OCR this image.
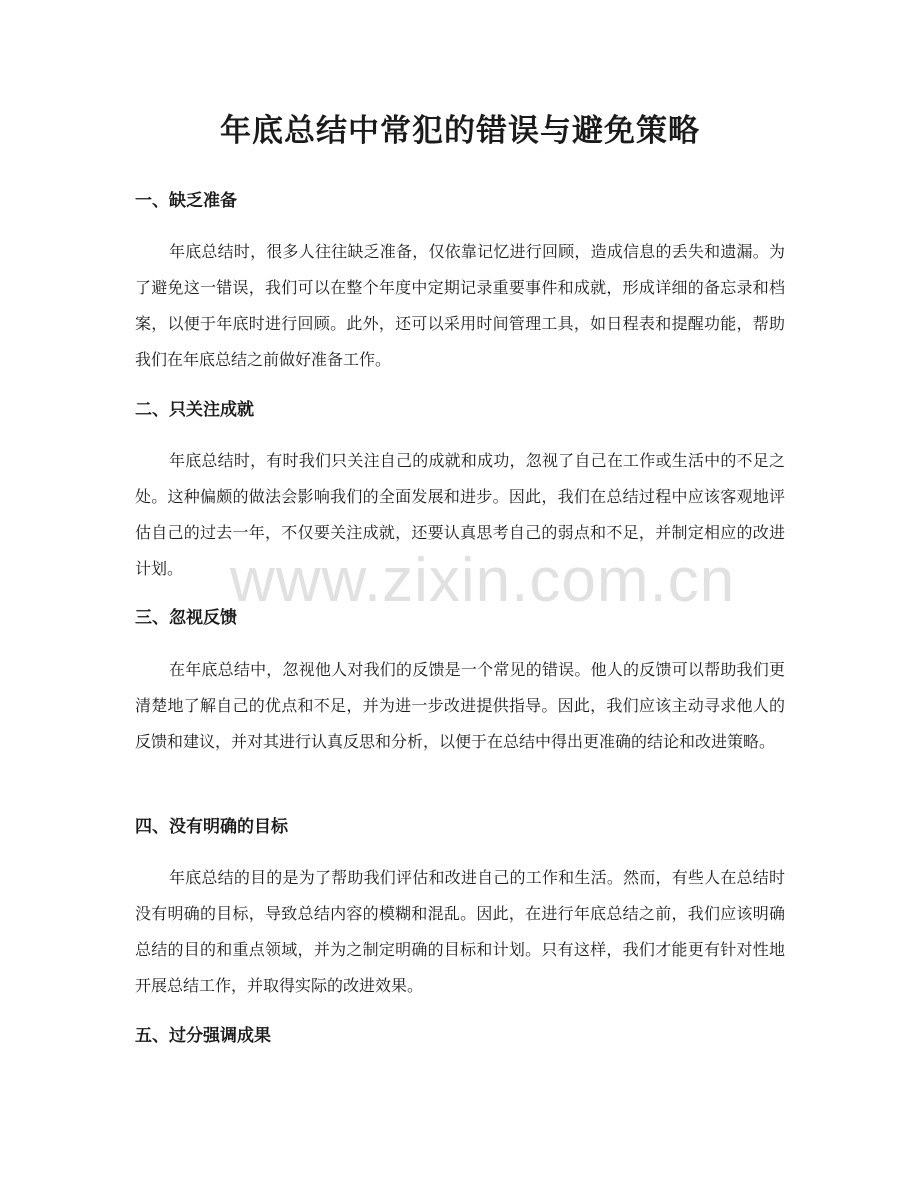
年底总结中常犯的错误与避免策略
一、缺乏准备

年底总结时，很多人往往缺乏准备，仅依靠记忆进行回顾，造成信息的丢失和遗漏。为了避免这一错误，我们可以在整个年度中定期记录重要事件和成就，形成详细的备忘录和档案，以便于年底时进行回顾。此外，还可以采用时间管理工具，如日程表和提醒功能，帮助我们在年底总结之前做好准备工作。

二、只关注成就

年底总结时，有时我们只关注自己的成就和成功，忽视了自己在工作或生活中的不足之处。这种偏颇的做法会影响我们的全面发展和进步。因此，我们在总结过程中应该客观地评估自己的过去一年，不仅要关注成就，还要认真思考自己的弱点和不足，并制定相应的改进计划。

三、忽视反馈

在年底总结中，忽视他人对我们的反馈是一个常见的错误。他人的反馈可以帮助我们更清楚地了解自己的优点和不足，并为进一步改进提供指导。因此，我们应该主动寻求他人的反馈和建议，并对其进行认真反思和分析，以便于在总结中得出更准确的结论和改进策略。

四、没有明确的目标

年底总结的目的是为了帮助我们评估和改进自己的工作和生活。然而，有些人在总结时没有明确的目标，导致总结内容的模糊和混乱。因此，在进行年底总结之前，我们应该明确总结的目的和重点领域，并为之制定明确的目标和计划。只有这样，我们才能更有针对性地开展总结工作，并取得实际的改进效果。

五、过分强调成果
www.zixin.com.cn
